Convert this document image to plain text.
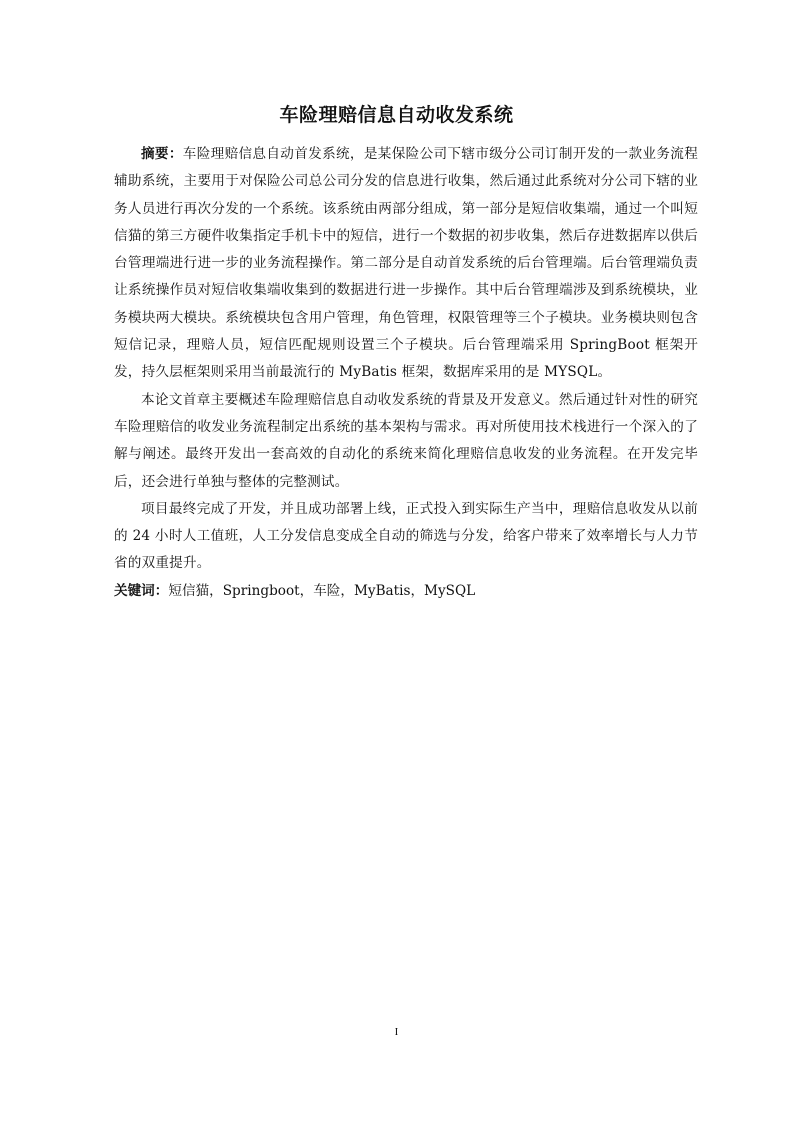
车险理赔信息自动收发系统

摘要：车险理赔信息自动首发系统，是某保险公司下辖市级分公司订制开发的一款业务流程辅助系统，主要用于对保险公司总公司分发的信息进行收集，然后通过此系统对分公司下辖的业务人员进行再次分发的一个系统。该系统由两部分组成，第一部分是短信收集端，通过一个叫短信猫的第三方硬件收集指定手机卡中的短信，进行一个数据的初步收集，然后存进数据库以供后台管理端进行进一步的业务流程操作。第二部分是自动首发系统的后台管理端。后台管理端负责让系统操作员对短信收集端收集到的数据进行进一步操作。其中后台管理端涉及到系统模块，业务模块两大模块。系统模块包含用户管理，角色管理，权限管理等三个子模块。业务模块则包含短信记录，理赔人员，短信匹配规则设置三个子模块。后台管理端采用 SpringBoot 框架开发，持久层框架则采用当前最流行的 MyBatis 框架，数据库采用的是 MYSQL。

本论文首章主要概述车险理赔信息自动收发系统的背景及开发意义。然后通过针对性的研究车险理赔信的收发业务流程制定出系统的基本架构与需求。再对所使用技术栈进行一个深入的了解与阐述。最终开发出一套高效的自动化的系统来简化理赔信息收发的业务流程。在开发完毕后，还会进行单独与整体的完整测试。

项目最终完成了开发，并且成功部署上线，正式投入到实际生产当中，理赔信息收发从以前的 24 小时人工值班，人工分发信息变成全自动的筛选与分发，给客户带来了效率增长与人力节省的双重提升。

关键词：短信猫，Springboot，车险，MyBatis，MySQL

I
